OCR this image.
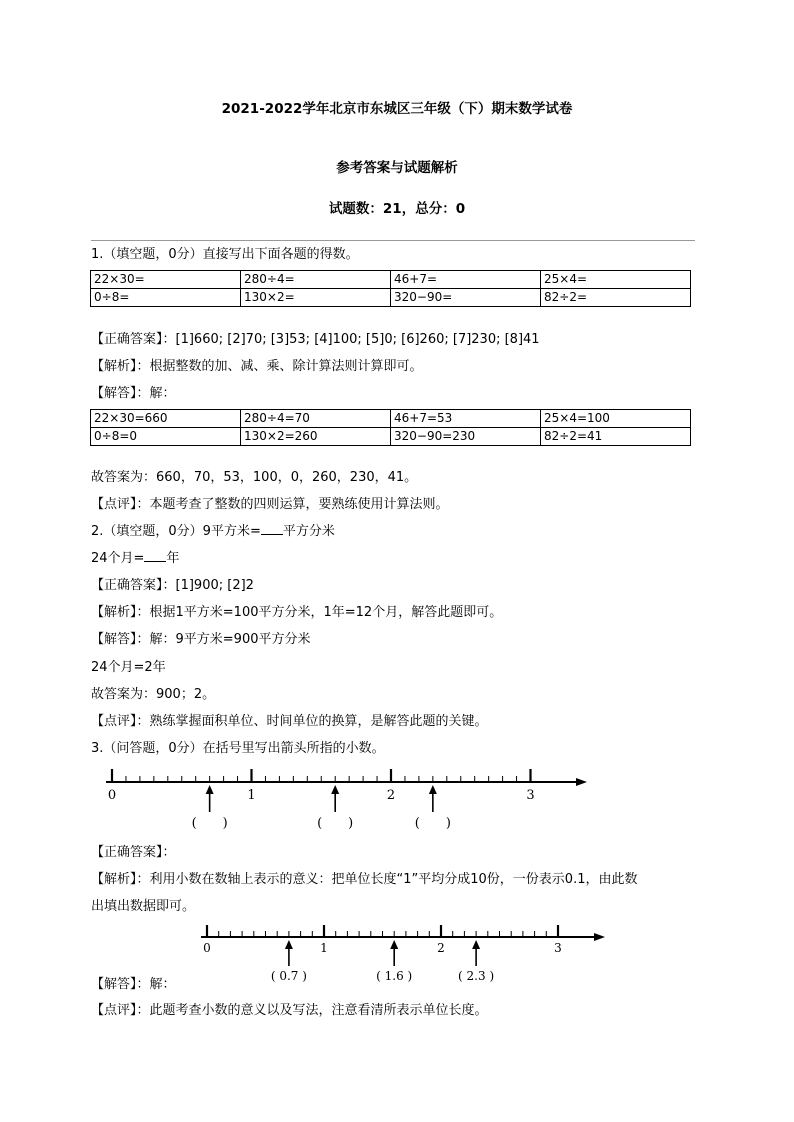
2021-2022学年北京市东城区三年级（下）期末数学试卷
参考答案与试题解析
试题数：21，总分：0
1.（填空题，0分）直接写出下面各题的得数。
22×30=	280÷4=	46+7=	25×4=
0÷8=	130×2=	320−90=	82÷2=
【正确答案】：[1]660; [2]70; [3]53; [4]100; [5]0; [6]260; [7]230; [8]41
【解析】：根据整数的加、减、乘、除计算法则计算即可。
【解答】：解：
22×30=660	280÷4=70	46+7=53	25×4=100
0÷8=0	130×2=260	320−90=230	82÷2=41
故答案为：660，70，53，100，0，260，230，41。
【点评】：本题考查了整数的四则运算，要熟练使用计算法则。
2.（填空题，0分）9平方米= 平方分米
24个月= 年
【正确答案】：[1]900; [2]2
【解析】：根据1平方米=100平方分米，1年=12个月，解答此题即可。
【解答】：解：9平方米=900平方分米
24个月=2年
故答案为：900；2。
【点评】：熟练掌握面积单位、时间单位的换算，是解答此题的关键。
3.（问答题，0分）在括号里写出箭头所指的小数。
0	1	2	3
(　　)	(　　)	(　　)
【正确答案】：
【解析】：利用小数在数轴上表示的意义：把单位长度“1”平均分成10份，一份表示0.1，由此数
出填出数据即可。
0	1	2	3
( 0.7 )	( 1.6 )	( 2.3 )
【解答】：解：
【点评】：此题考查小数的意义以及写法，注意看清所表示单位长度。
